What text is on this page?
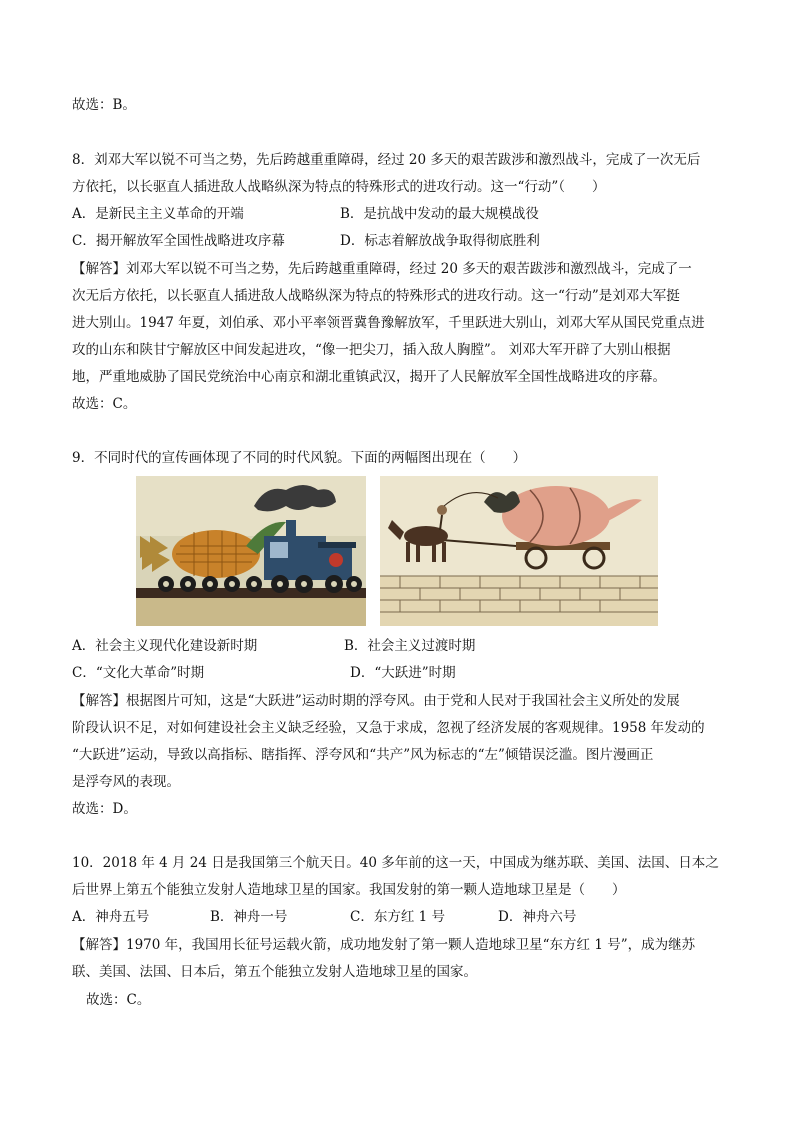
故选：B。
8．刘邓大军以锐不可当之势，先后跨越重重障碍，经过 20 多天的艰苦跋涉和激烈战斗，完成了一次无后
方依托，以长驱直人插进敌人战略纵深为特点的特殊形式的进攻行动。这一“行动”（　　）
A．是新民主主义革命的开端	B．是抗战中发动的最大规模战役
C．揭开解放军全国性战略进攻序幕	D．标志着解放战争取得彻底胜利
【解答】刘邓大军以锐不可当之势，先后跨越重重障碍，经过 20 多天的艰苦跋涉和激烈战斗，完成了一
次无后方依托，以长驱直人插进敌人战略纵深为特点的特殊形式的进攻行动。这一“行动”是刘邓大军挺
进大别山。1947 年夏，刘伯承、邓小平率领晋冀鲁豫解放军，千里跃进大别山，刘邓大军从国民党重点进
攻的山东和陕甘宁解放区中间发起进攻，“像一把尖刀，插入敌人胸膛”。 刘邓大军开辟了大别山根据
地，严重地威胁了国民党统治中心南京和湖北重镇武汉，揭开了人民解放军全国性战略进攻的序幕。
故选：C。
9．不同时代的宣传画体现了不同的时代风貌。下面的两幅图出现在（　　）
A．社会主义现代化建设新时期	B．社会主义过渡时期
C．“文化大革命”时期	D．“大跃进”时期
【解答】根据图片可知，这是“大跃进”运动时期的浮夸风。由于党和人民对于我国社会主义所处的发展
阶段认识不足，对如何建设社会主义缺乏经验，又急于求成，忽视了经济发展的客观规律。1958 年发动的
“大跃进”运动，导致以高指标、瞎指挥、浮夸风和“共产”风为标志的“左”倾错误泛滥。图片漫画正
是浮夸风的表现。
故选：D。
10．2018 年 4 月 24 日是我国第三个航天日。40 多年前的这一天，中国成为继苏联、美国、法国、日本之
后世界上第五个能独立发射人造地球卫星的国家。我国发射的第一颗人造地球卫星是（　　）
A．神舟五号	B．神舟一号	C．东方红 1 号	D．神舟六号
【解答】1970 年，我国用长征号运载火箭，成功地发射了第一颗人造地球卫星“东方红 1 号”，成为继苏
联、美国、法国、日本后，第五个能独立发射人造地球卫星的国家。
故选：C。
